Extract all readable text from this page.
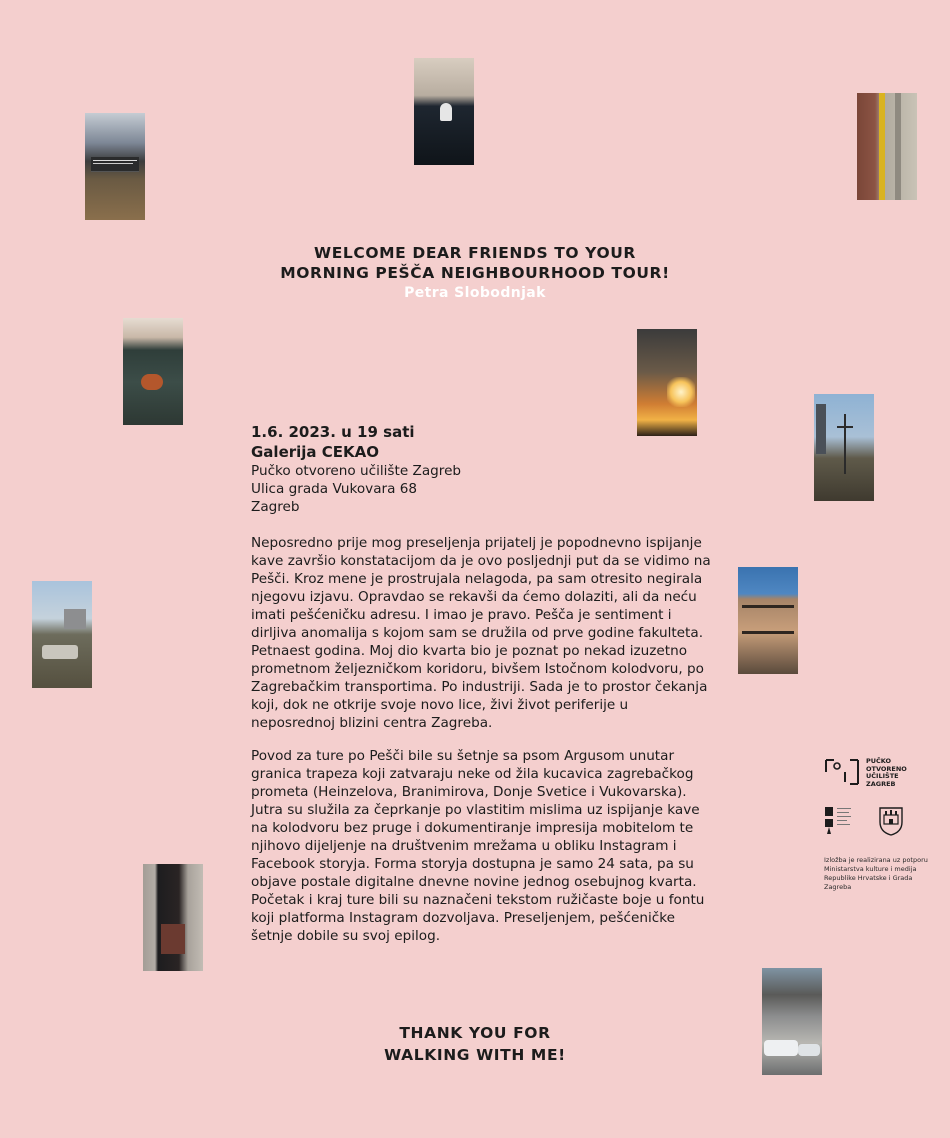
WELCOME DEAR FRIENDS TO YOUR
MORNING PEŠČA NEIGHBOURHOOD TOUR!
Petra Slobodnjak
1.6. 2023. u 19 sati
Galerija CEKAO
Pučko otvoreno učilište Zagreb
Ulica grada Vukovara 68
Zagreb
Neposredno prije mog preseljenja prijatelj je popodnevno ispijanje kave završio konstatacijom da je ovo posljednji put da se vidimo na Pešči. Kroz mene je prostrujala nelagoda, pa sam otresito negirala njegovu izjavu. Opravdao se rekavši da ćemo dolaziti, ali da neću imati pešćeničku adresu. I imao je pravo. Pešča je sentiment i dirljiva anomalija s kojom sam se družila od prve godine fakulteta. Petnaest godina. Moj dio kvarta bio je poznat po nekad izuzetno prometnom željezničkom koridoru, bivšem Istočnom kolodvoru, po Zagrebačkim transportima. Po industriji. Sada je to prostor čekanja koji, dok ne otkrije svoje novo lice, živi život periferije u neposrednoj blizini centra Zagreba.
Povod za ture po Pešči bile su šetnje sa psom Argusom unutar granica trapeza koji zatvaraju neke od žila kucavica zagrebačkog prometa (Heinzelova, Branimirova, Donje Svetice i Vukovarska). Jutra su služila za čeprkanje po vlastitim mislima uz ispijanje kave na kolodvoru bez pruge i dokumentiranje impresija mobitelom te njihovo dijeljenje na društvenim mrežama u obliku Instagram i Facebook storyja. Forma storyja dostupna je samo 24 sata, pa su objave postale digitalne dnevne novine jednog osebujnog kvarta. Početak i kraj ture bili su naznačeni tekstom ružičaste boje u fontu koji platforma Instagram dozvoljava. Preseljenjem, pešćeničke šetnje dobile su svoj epilog.
THANK YOU FOR
WALKING WITH ME!
PUČKO OTVORENO UČILIŠTE ZAGREB
Izložba je realizirana uz potporu Ministarstva kulture i medija Republike Hrvatske i Grada Zagreba
